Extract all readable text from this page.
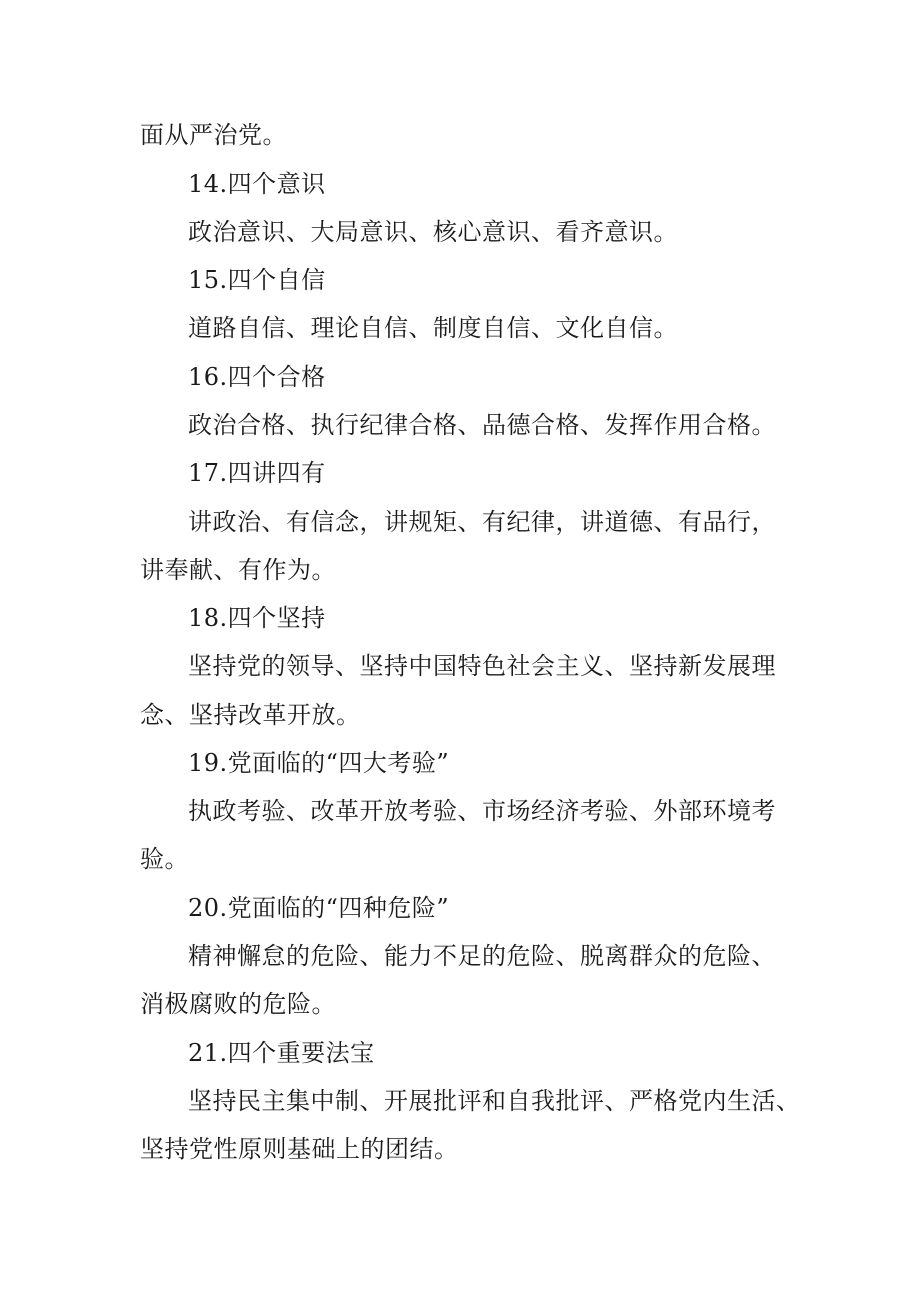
面从严治党。
14.四个意识
政治意识、大局意识、核心意识、看齐意识。
15.四个自信
道路自信、理论自信、制度自信、文化自信。
16.四个合格
政治合格、执行纪律合格、品德合格、发挥作用合格。
17.四讲四有
讲政治、有信念，讲规矩、有纪律，讲道德、有品行，
讲奉献、有作为。
18.四个坚持
坚持党的领导、坚持中国特色社会主义、坚持新发展理
念、坚持改革开放。
19.党面临的“四大考验”
执政考验、改革开放考验、市场经济考验、外部环境考
验。
20.党面临的“四种危险”
精神懈怠的危险、能力不足的危险、脱离群众的危险、
消极腐败的危险。
21.四个重要法宝
坚持民主集中制、开展批评和自我批评、严格党内生活、
坚持党性原则基础上的团结。
